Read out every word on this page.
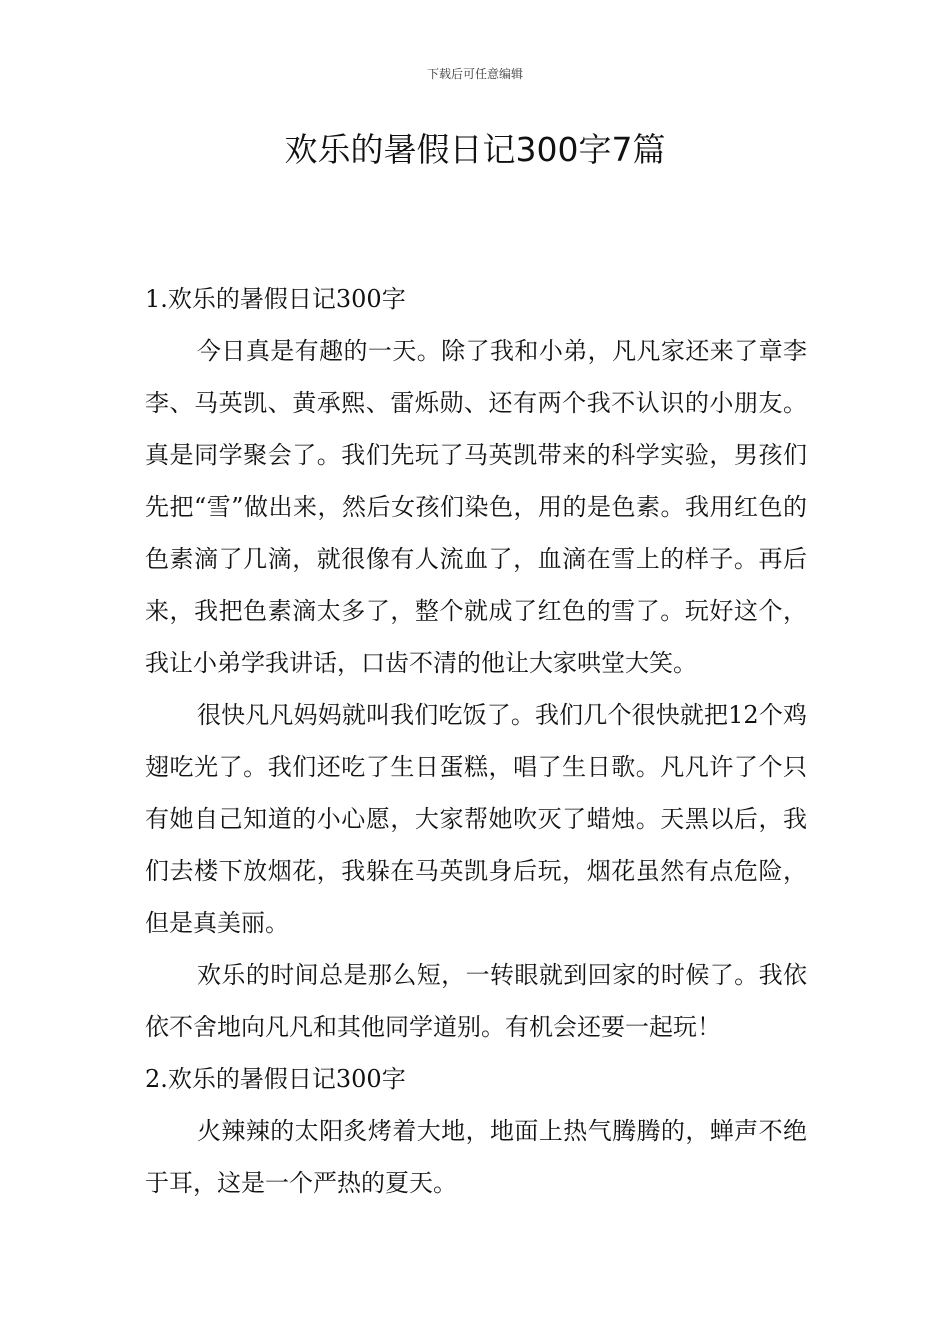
下载后可任意编辑
欢乐的暑假日记300字7篇
1.欢乐的暑假日记300字

今日真是有趣的一天。除了我和小弟，凡凡家还来了章李李、马英凯、黄承熙、雷烁勋、还有两个我不认识的小朋友。真是同学聚会了。我们先玩了马英凯带来的科学实验，男孩们先把“雪”做出来，然后女孩们染色，用的是色素。我用红色的色素滴了几滴，就很像有人流血了，血滴在雪上的样子。再后来，我把色素滴太多了，整个就成了红色的雪了。玩好这个，我让小弟学我讲话，口齿不清的他让大家哄堂大笑。

很快凡凡妈妈就叫我们吃饭了。我们几个很快就把12个鸡翅吃光了。我们还吃了生日蛋糕，唱了生日歌。凡凡许了个只有她自己知道的小心愿，大家帮她吹灭了蜡烛。天黑以后，我们去楼下放烟花，我躲在马英凯身后玩，烟花虽然有点危险，但是真美丽。

欢乐的时间总是那么短，一转眼就到回家的时候了。我依依不舍地向凡凡和其他同学道别。有机会还要一起玩！

2.欢乐的暑假日记300字

火辣辣的太阳炙烤着大地，地面上热气腾腾的，蝉声不绝于耳，这是一个严热的夏天。
